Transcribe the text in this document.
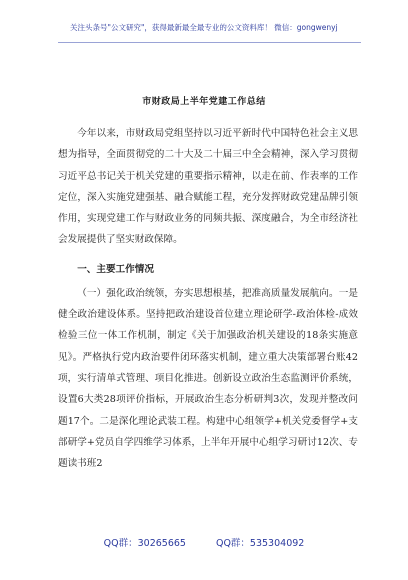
关注头条号"公文研究"，获得最新最全最专业的公文资料库！ 微信：gongwenyj
市财政局上半年党建工作总结

今年以来，市财政局党组坚持以习近平新时代中国特色社会主义思想为指导，全面贯彻党的二十大及二十届三中全会精神，深入学习贯彻习近平总书记关于机关党建的重要指示精神，以走在前、作表率的工作定位，深入实施党建强基、融合赋能工程，充分发挥财政党建品牌引领作用，实现党建工作与财政业务的同频共振、深度融合，为全市经济社会发展提供了坚实财政保障。

一、主要工作情况

（一）强化政治统领，夯实思想根基，把准高质量发展航向。一是健全政治建设体系。坚持把政治建设首位建立理论研学-政治体检-成效检验三位一体工作机制，制定《关于加强政治机关建设的18条实施意见》。严格执行党内政治要件闭环落实机制，建立重大决策部署台账42项，实行清单式管理、项目化推进。创新设立政治生态监测评价系统，设置6大类28项评价指标，开展政治生态分析研判3次，发现并整改问题17个。二是深化理论武装工程。构建中心组领学+机关党委督学+支部研学+党员自学四维学习体系，上半年开展中心组学习研讨12次、专题读书班2

QQ群：30265665	QQ群：535304092
